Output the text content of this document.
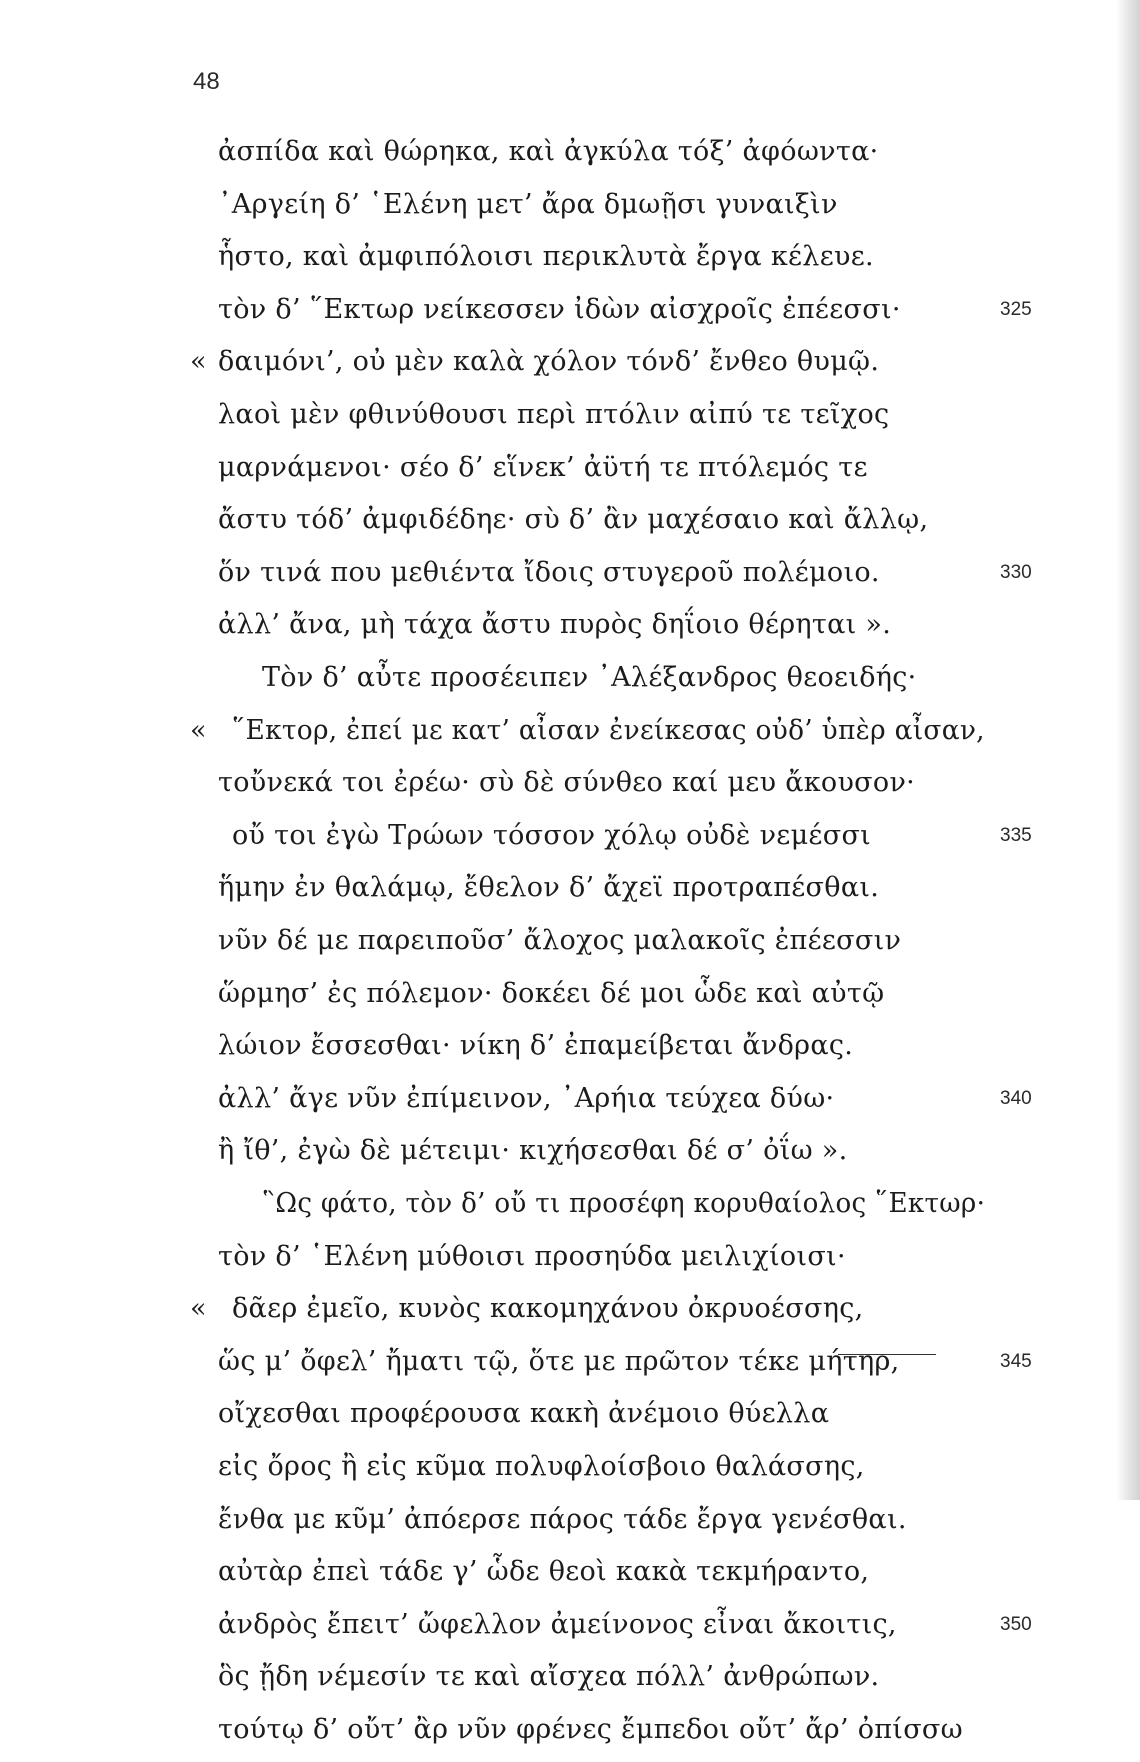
48
ἀσπίδα καὶ θώρηκα, καὶ ἀγκύλα τόξ’ ἀφόωντα·
᾿Αργείη δ’ ῾Ελένη μετ’ ἄρα δμωῇσι γυναιξὶν
ἧστο, καὶ ἀμφιπόλοισι περικλυτὰ ἔργα κέλευε.
τὸν δ’ ῞Εκτωρ νείκεσσεν ἰδὼν αἰσχροῖς ἐπέεσσι·	325
« δαιμόνι’, οὐ μὲν καλὰ χόλον τόνδ’ ἔνθεο θυμῷ.
λαοὶ μὲν φθινύθουσι περὶ πτόλιν αἰπύ τε τεῖχος
μαρνάμενοι· σέο δ’ εἵνεκ’ ἀϋτή τε πτόλεμός τε
ἄστυ τόδ’ ἀμφιδέδηε· σὺ δ’ ἂν μαχέσαιο καὶ ἄλλῳ,
ὅν τινά που μεθιέντα ἴδοις στυγεροῦ πολέμοιο.	330
ἀλλ’ ἄνα, μὴ τάχα ἄστυ πυρὸς δηΐοιο θέρηται ».
Τὸν δ’ αὖτε προσέειπεν ᾿Αλέξανδρος θεοειδής·
« ῞Εκτορ, ἐπεί με κατ’ αἶσαν ἐνείκεσας οὐδ’ ὑπὲρ αἶσαν,
τοὔνεκά τοι ἐρέω· σὺ δὲ σύνθεο καί μευ ἄκουσον·
οὔ τοι ἐγὼ Τρώων τόσσον χόλῳ οὐδὲ νεμέσσι	335
ἥμην ἐν θαλάμῳ, ἔθελον δ’ ἄχεϊ προτραπέσθαι.
νῦν δέ με παρειποῦσ’ ἄλοχος μαλακοῖς ἐπέεσσιν
ὥρμησ’ ἐς πόλεμον· δοκέει δέ μοι ὧδε καὶ αὐτῷ
λώιον ἔσσεσθαι· νίκη δ’ ἐπαμείβεται ἄνδρας.
ἀλλ’ ἄγε νῦν ἐπίμεινον, ᾿Αρήια τεύχεα δύω·	340
ἢ ἴθ’, ἐγὼ δὲ μέτειμι· κιχήσεσθαι δέ σ’ ὀΐω ».
῝Ως φάτο, τὸν δ’ οὔ τι προσέφη κορυθαίολος ῞Εκτωρ·
τὸν δ’ ῾Ελένη μύθοισι προσηύδα μειλιχίοισι·
« δᾶερ ἐμεῖο, κυνὸς κακομηχάνου ὀκρυοέσσης,
ὥς μ’ ὄφελ’ ἤματι τῷ, ὅτε με πρῶτον τέκε μήτηρ,	345
οἴχεσθαι προφέρουσα κακὴ ἀνέμοιο θύελλα
εἰς ὄρος ἢ εἰς κῦμα πολυφλοίσβοιο θαλάσσης,
ἔνθα με κῦμ’ ἀπόερσε πάρος τάδε ἔργα γενέσθαι.
αὐτὰρ ἐπεὶ τάδε γ’ ὧδε θεοὶ κακὰ τεκμήραντο,
ἀνδρὸς ἔπειτ’ ὤφελλον ἀμείνονος εἶναι ἄκοιτις,	350
ὃς ᾔδη νέμεσίν τε καὶ αἴσχεα πόλλ’ ἀνθρώπων.
τούτῳ δ’ οὔτ’ ἂρ νῦν φρένες ἔμπεδοι οὔτ’ ἄρ’ ὀπίσσω
